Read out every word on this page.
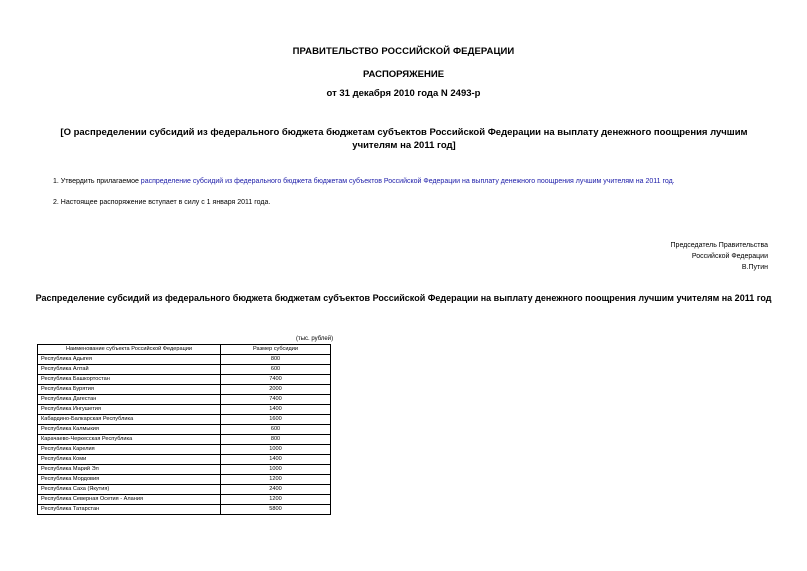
ПРАВИТЕЛЬСТВО РОССИЙСКОЙ ФЕДЕРАЦИИ
РАСПОРЯЖЕНИЕ
от 31 декабря 2010 года N 2493-р
[О распределении субсидий из федерального бюджета бюджетам субъектов Российской Федерации на выплату денежного поощрения лучшим учителям на 2011 год]
1. Утвердить прилагаемое распределение субсидий из федерального бюджета бюджетам субъектов Российской Федерации на выплату денежного поощрения лучшим учителям на 2011 год.
2. Настоящее распоряжение вступает в силу с 1 января 2011 года.
Председатель Правительства
Российской Федерации
В.Путин
Распределение субсидий из федерального бюджета бюджетам субъектов Российской Федерации на выплату денежного поощрения лучшим учителям на 2011 год
(тыс. рублей)
Наименование субъекта Российской Федерации	Размер субсидии
Республика Адыгея	800
Республика Алтай	600
Республика Башкортостан	7400
Республика Бурятия	2000
Республика Дагестан	7400
Республика Ингушетия	1400
Кабардино-Балкарская Республика	1600
Республика Калмыкия	600
Карачаево-Черкесская Республика	800
Республика Карелия	1000
Республика Коми	1400
Республика Марий Эл	1000
Республика Мордовия	1200
Республика Саха (Якутия)	2400
Республика Северная Осетия - Алания	1200
Республика Татарстан	5800
